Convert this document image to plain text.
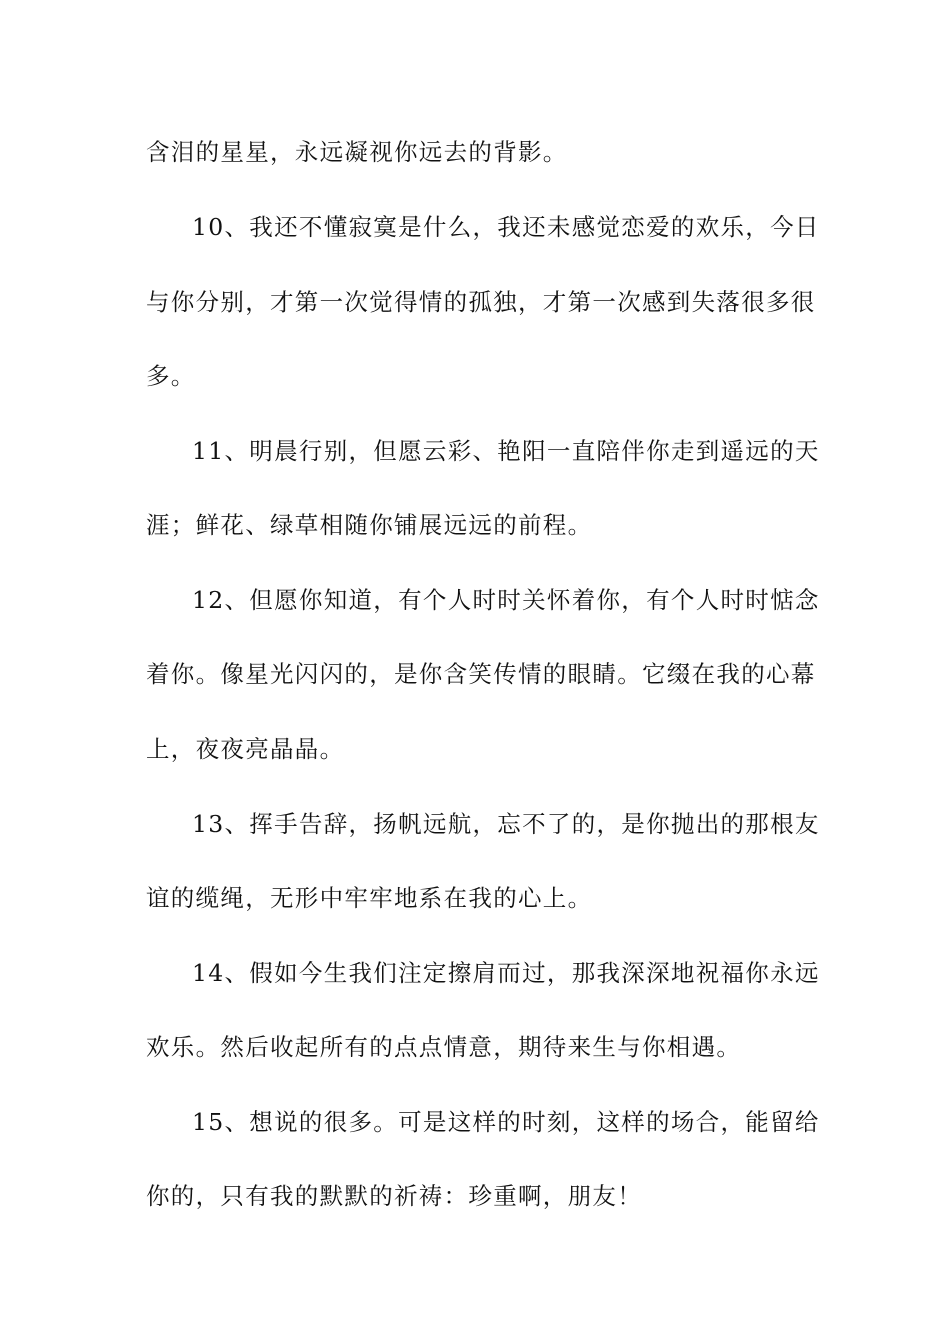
含泪的星星，永远凝视你远去的背影。
10、我还不懂寂寞是什么，我还未感觉恋爱的欢乐，今日
与你分别，才第一次觉得情的孤独，才第一次感到失落很多很
多。
11、明晨行别，但愿云彩、艳阳一直陪伴你走到遥远的天
涯；鲜花、绿草相随你铺展远远的前程。
12、但愿你知道，有个人时时关怀着你，有个人时时惦念
着你。像星光闪闪的，是你含笑传情的眼睛。它缀在我的心幕
上，夜夜亮晶晶。
13、挥手告辞，扬帆远航，忘不了的，是你抛出的那根友
谊的缆绳，无形中牢牢地系在我的心上。
14、假如今生我们注定擦肩而过，那我深深地祝福你永远
欢乐。然后收起所有的点点情意，期待来生与你相遇。
15、想说的很多。可是这样的时刻，这样的场合，能留给
你的，只有我的默默的祈祷：珍重啊，朋友！
